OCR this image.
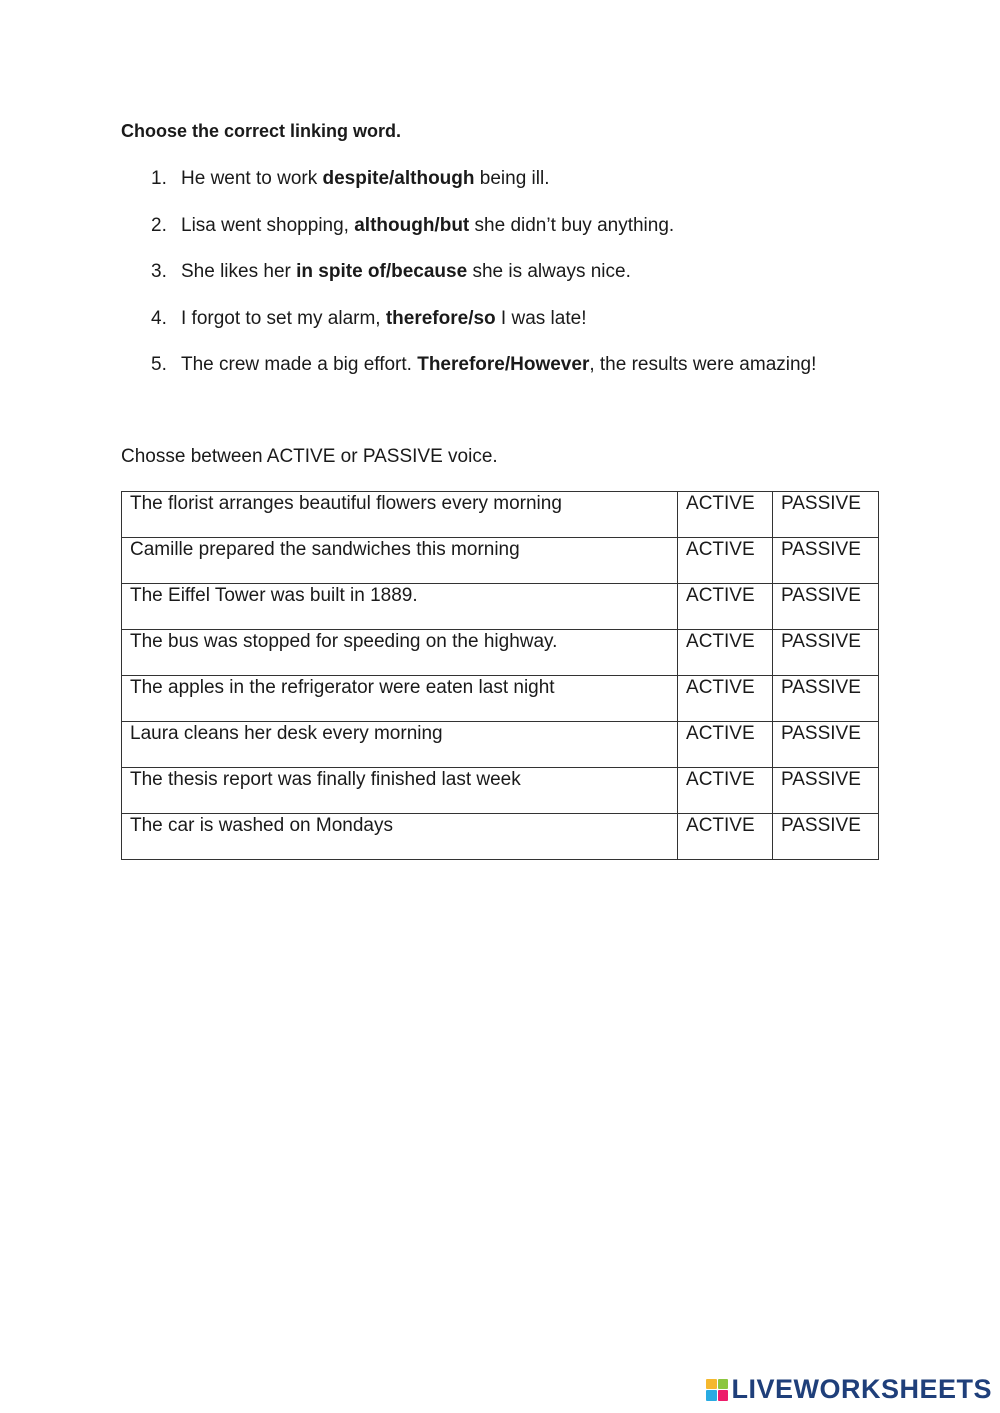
Choose the correct linking word.

1. He went to work despite/although being ill.
2. Lisa went shopping, although/but she didn’t buy anything.
3. She likes her in spite of/because she is always nice.
4. I forgot to set my alarm, therefore/so I was late!
5. The crew made a big effort. Therefore/However, the results were amazing!

Chosse between ACTIVE or PASSIVE voice.

The florist arranges beautiful flowers every morning	ACTIVE	PASSIVE
Camille prepared the sandwiches this morning	ACTIVE	PASSIVE
The Eiffel Tower was built in 1889.	ACTIVE	PASSIVE
The bus was stopped for speeding on the highway.	ACTIVE	PASSIVE
The apples in the refrigerator were eaten last night	ACTIVE	PASSIVE
Laura cleans her desk every morning	ACTIVE	PASSIVE
The thesis report was finally finished last week	ACTIVE	PASSIVE
The car is washed on Mondays	ACTIVE	PASSIVE
LIVEWORKSHEETS
